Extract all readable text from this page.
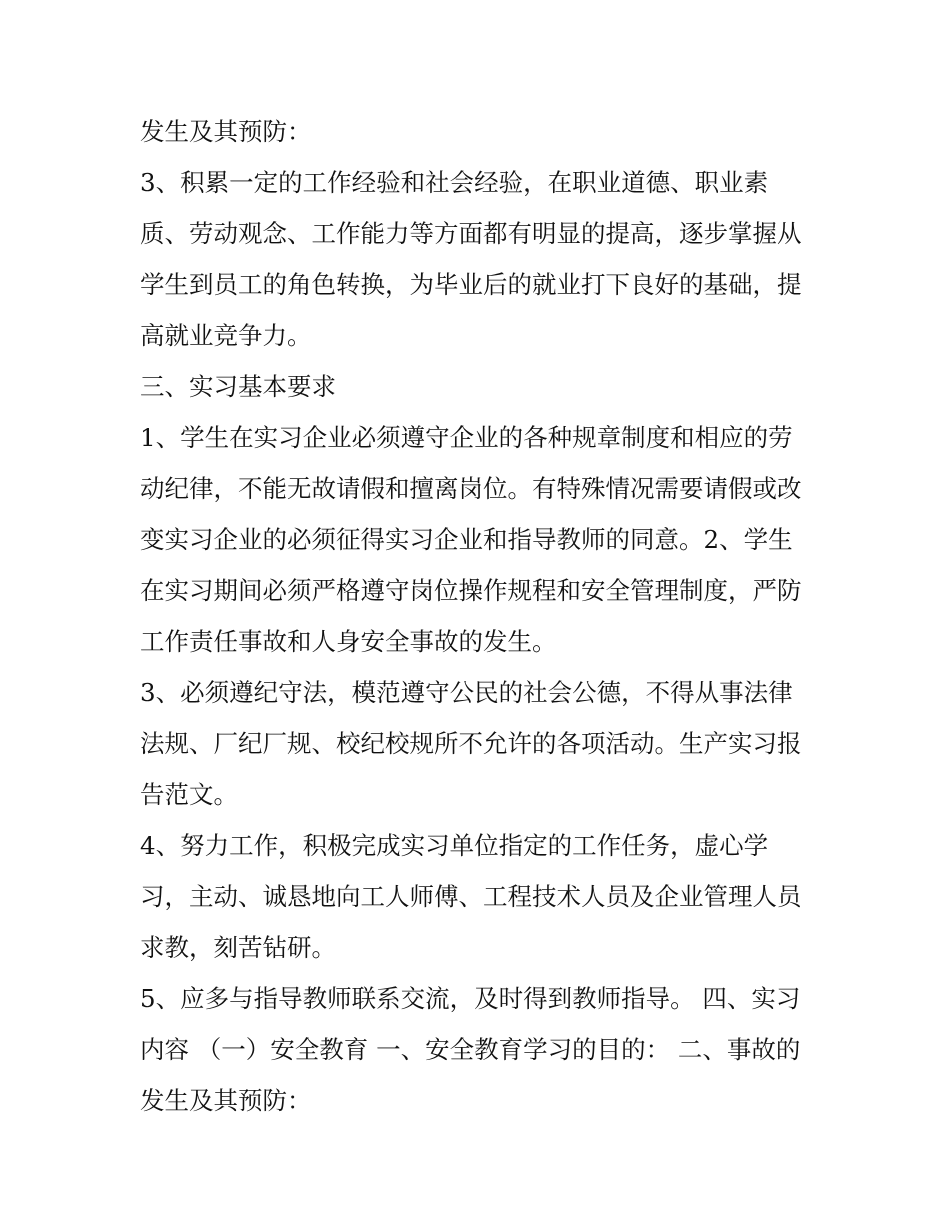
发生及其预防：
3、积累一定的工作经验和社会经验，在职业道德、职业素
质、劳动观念、工作能力等方面都有明显的提高，逐步掌握从
学生到员工的角色转换，为毕业后的就业打下良好的基础，提
高就业竞争力。
三、实习基本要求
1、学生在实习企业必须遵守企业的各种规章制度和相应的劳
动纪律，不能无故请假和擅离岗位。有特殊情况需要请假或改
变实习企业的必须征得实习企业和指导教师的同意。2、学生
在实习期间必须严格遵守岗位操作规程和安全管理制度，严防
工作责任事故和人身安全事故的发生。
3、必须遵纪守法，模范遵守公民的社会公德，不得从事法律
法规、厂纪厂规、校纪校规所不允许的各项活动。生产实习报
告范文。
4、努力工作，积极完成实习单位指定的工作任务，虚心学
习，主动、诚恳地向工人师傅、工程技术人员及企业管理人员
求教，刻苦钻研。
5、应多与指导教师联系交流，及时得到教师指导。 四、实习
内容 （一）安全教育 一、安全教育学习的目的： 二、事故的
发生及其预防：
